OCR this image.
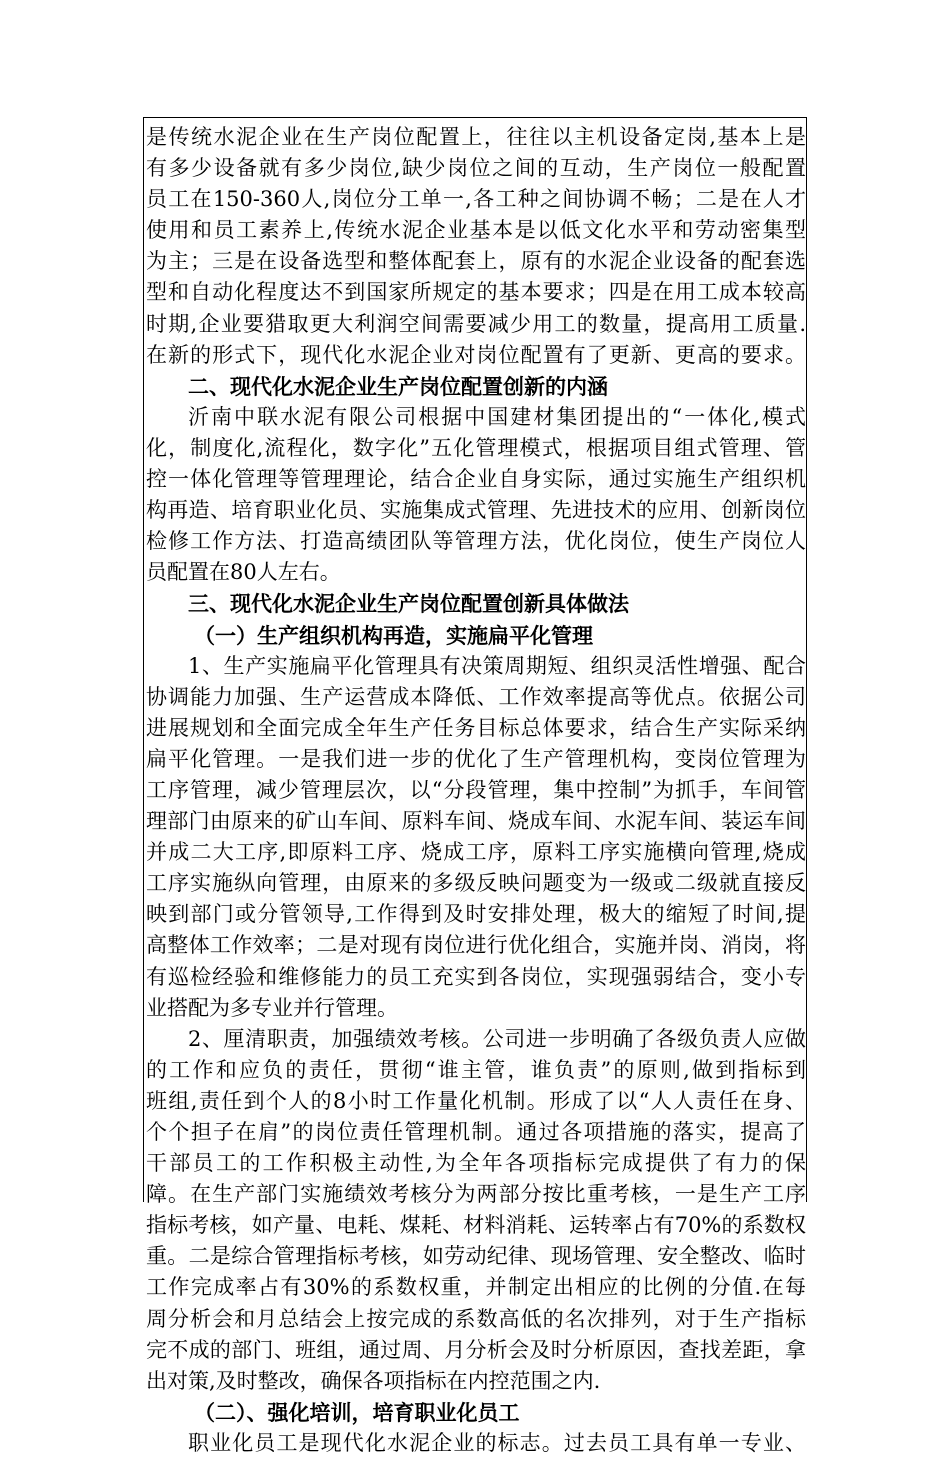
是传统水泥企业在生产岗位配置上，往往以主机设备定岗,基本上是
有多少设备就有多少岗位,缺少岗位之间的互动，生产岗位一般配置
员工在150-360人,岗位分工单一,各工种之间协调不畅；二是在人才
使用和员工素养上,传统水泥企业基本是以低文化水平和劳动密集型
为主；三是在设备选型和整体配套上，原有的水泥企业设备的配套选
型和自动化程度达不到国家所规定的基本要求；四是在用工成本较高
时期,企业要猎取更大利润空间需要减少用工的数量，提高用工质量.
在新的形式下，现代化水泥企业对岗位配置有了更新、更高的要求。
二、现代化水泥企业生产岗位配置创新的内涵
沂南中联水泥有限公司根据中国建材集团提出的“一体化,模式
化，制度化,流程化，数字化”五化管理模式，根据项目组式管理、管
控一体化管理等管理理论，结合企业自身实际，通过实施生产组织机
构再造、培育职业化员、实施集成式管理、先进技术的应用、创新岗位
检修工作方法、打造高绩团队等管理方法，优化岗位，使生产岗位人
员配置在80人左右。
三、现代化水泥企业生产岗位配置创新具体做法
（一）生产组织机构再造，实施扁平化管理
1、生产实施扁平化管理具有决策周期短、组织灵活性增强、配合
协调能力加强、生产运营成本降低、工作效率提高等优点。依据公司
进展规划和全面完成全年生产任务目标总体要求，结合生产实际采纳
扁平化管理。一是我们进一步的优化了生产管理机构，变岗位管理为
工序管理，减少管理层次，以“分段管理，集中控制”为抓手，车间管
理部门由原来的矿山车间、原料车间、烧成车间、水泥车间、装运车间
并成二大工序,即原料工序、烧成工序，原料工序实施横向管理,烧成
工序实施纵向管理，由原来的多级反映问题变为一级或二级就直接反
映到部门或分管领导,工作得到及时安排处理，极大的缩短了时间,提
高整体工作效率；二是对现有岗位进行优化组合，实施并岗、消岗，将
有巡检经验和维修能力的员工充实到各岗位，实现强弱结合，变小专
业搭配为多专业并行管理。
2、厘清职责，加强绩效考核。公司进一步明确了各级负责人应做
的工作和应负的责任，贯彻“谁主管，谁负责”的原则,做到指标到
班组,责任到个人的8小时工作量化机制。形成了以“人人责任在身、
个个担子在肩”的岗位责任管理机制。通过各项措施的落实，提高了
干部员工的工作积极主动性,为全年各项指标完成提供了有力的保
障。在生产部门实施绩效考核分为两部分按比重考核，一是生产工序
指标考核，如产量、电耗、煤耗、材料消耗、运转率占有70%的系数权
重。二是综合管理指标考核，如劳动纪律、现场管理、安全整改、临时
工作完成率占有30%的系数权重，并制定出相应的比例的分值.在每
周分析会和月总结会上按完成的系数高低的名次排列，对于生产指标
完不成的部门、班组，通过周、月分析会及时分析原因，查找差距，拿
出对策,及时整改，确保各项指标在内控范围之内.
（二）、强化培训，培育职业化员工
职业化员工是现代化水泥企业的标志。过去员工具有单一专业、
